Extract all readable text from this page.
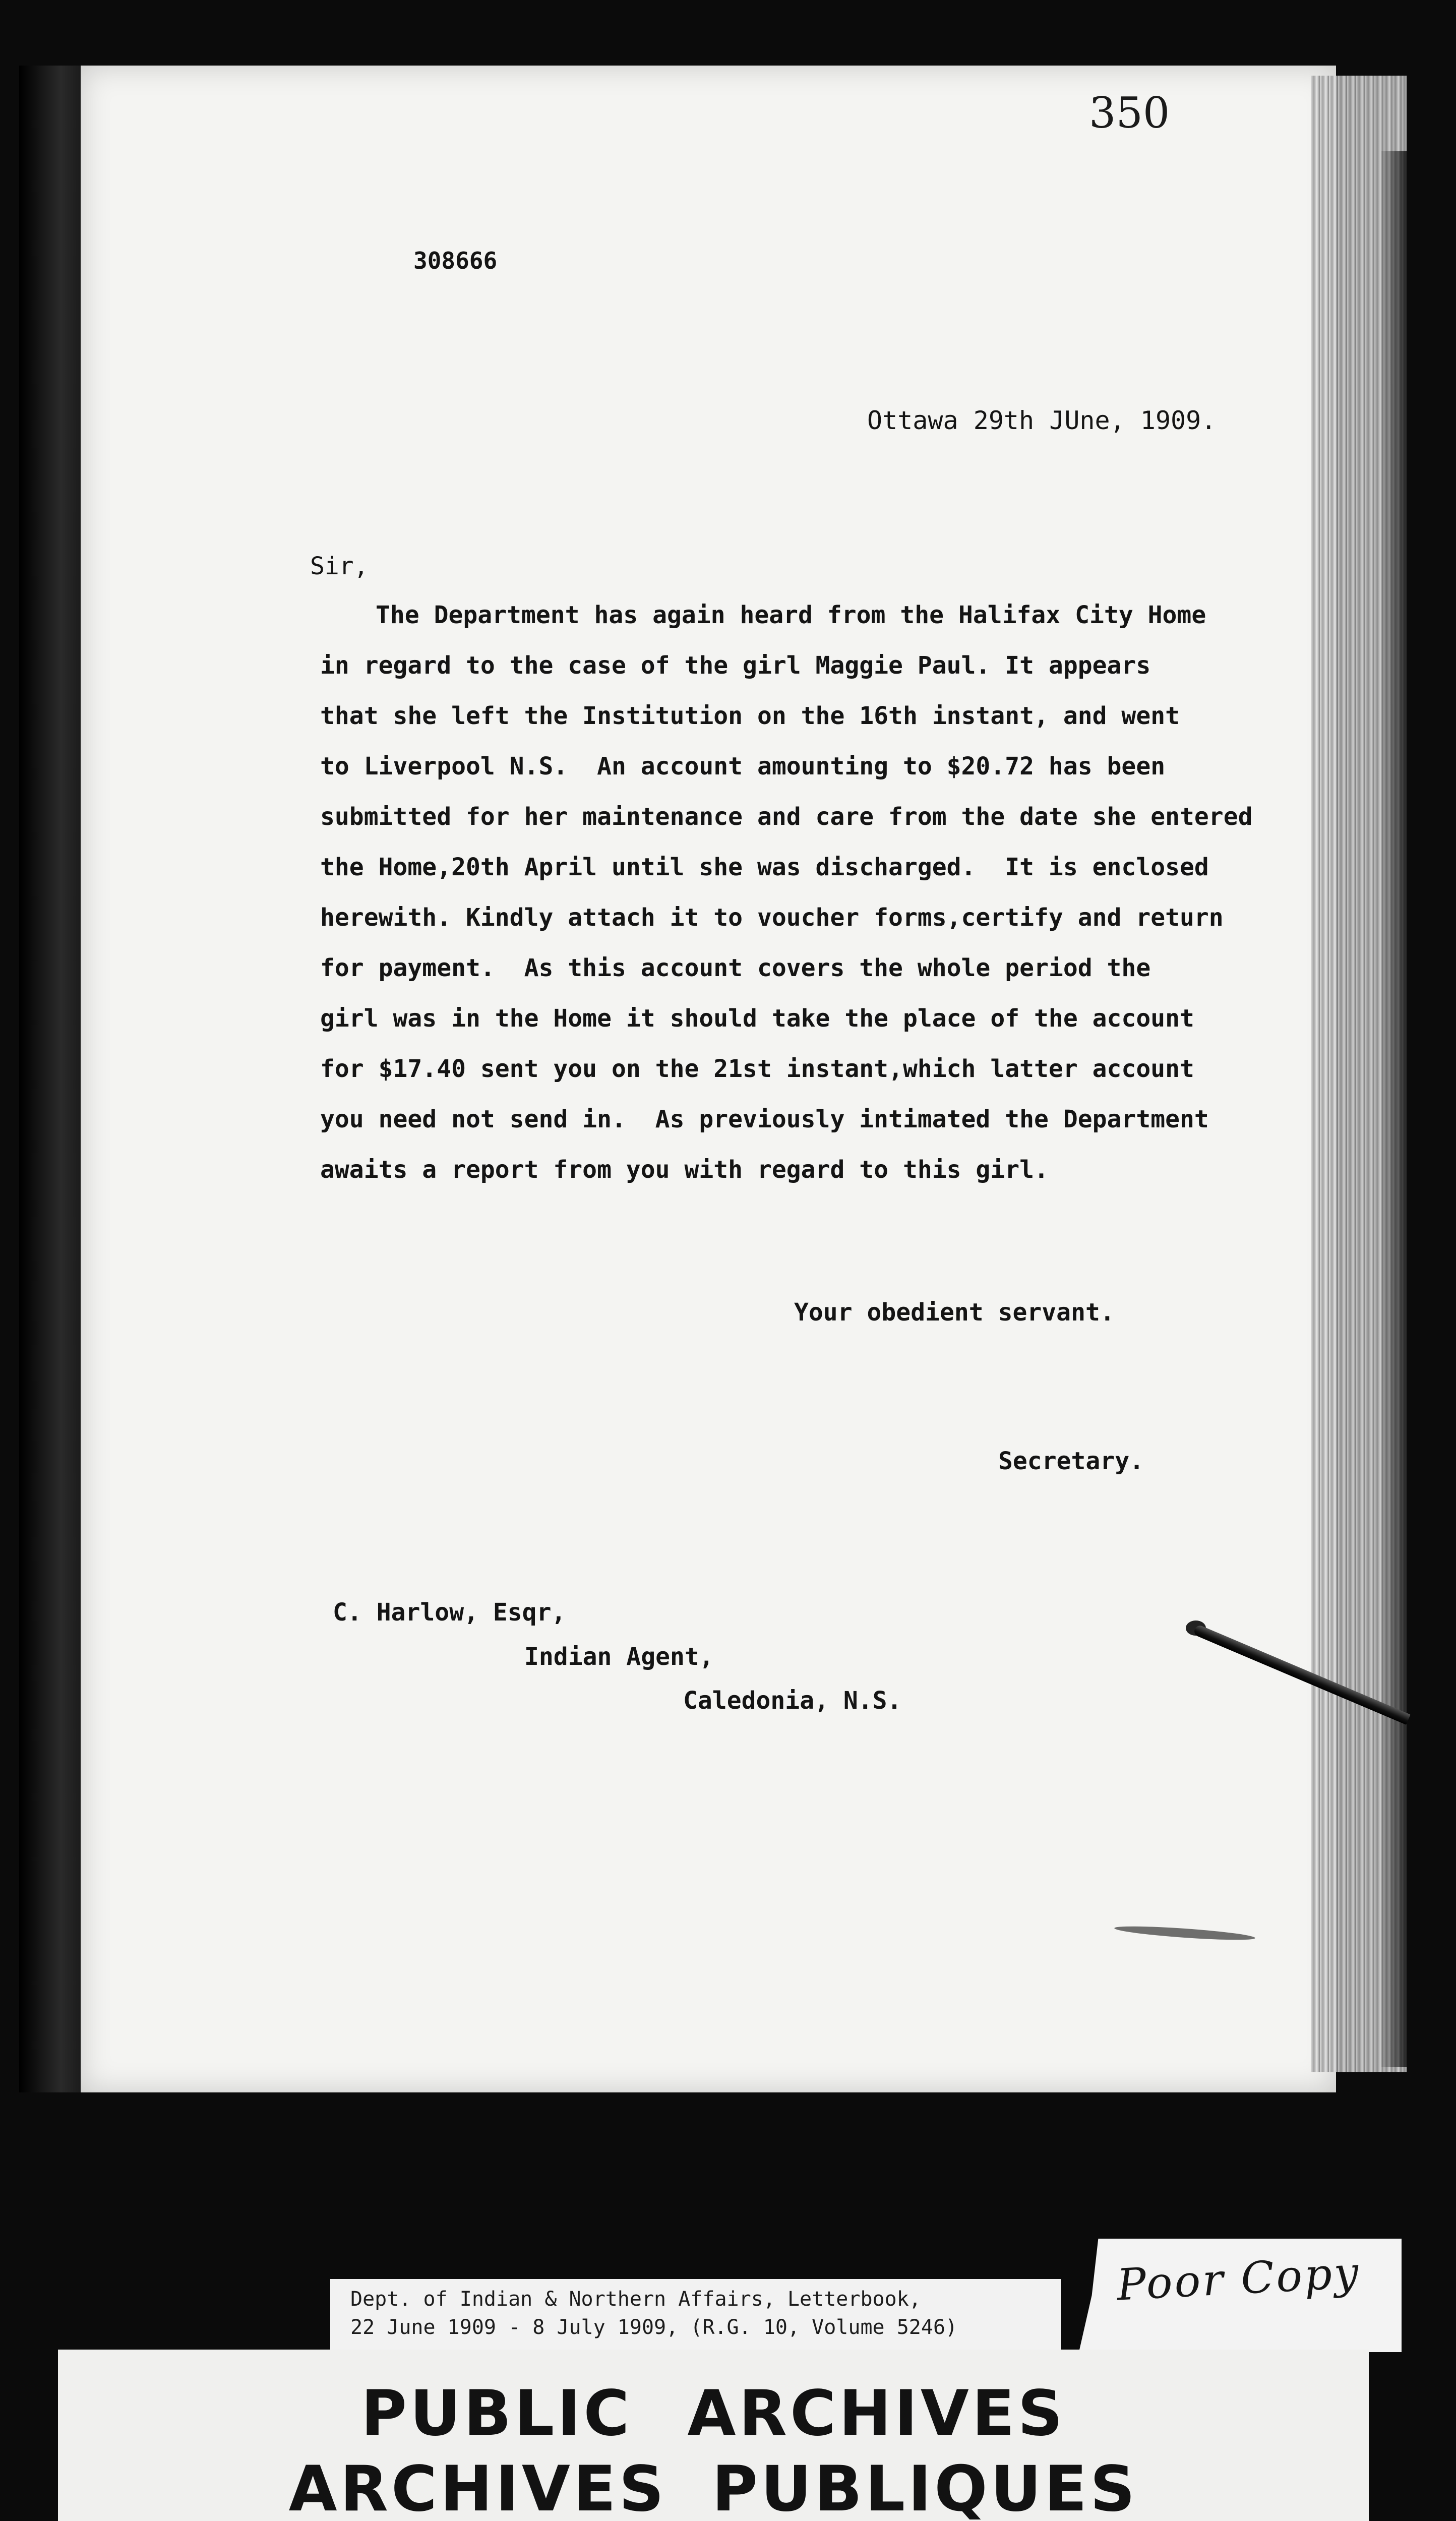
350
308666
Ottawa 29th JUne, 1909.
Sir,
The Department has again heard from the Halifax City Home
in regard to the case of the girl Maggie Paul. It appears
that she left the Institution on the 16th instant, and went
to Liverpool N.S.  An account amounting to $20.72 has been
submitted for her maintenance and care from the date she entered
the Home,20th April until she was discharged.  It is enclosed
herewith. Kindly attach it to voucher forms,certify and return
for payment.  As this account covers the whole period the
girl was in the Home it should take the place of the account
for $17.40 sent you on the 21st instant,which latter account
you need not send in.  As previously intimated the Department
awaits a report from you with regard to this girl.
Your obedient servant.
Secretary.
C. Harlow, Esqr,
Indian Agent,
Caledonia, N.S.
Dept. of Indian & Northern Affairs, Letterbook,
22 June 1909 - 8 July 1909, (R.G. 10, Volume 5246)
Poor Copy
PUBLIC ARCHIVES
ARCHIVES PUBLIQUES
